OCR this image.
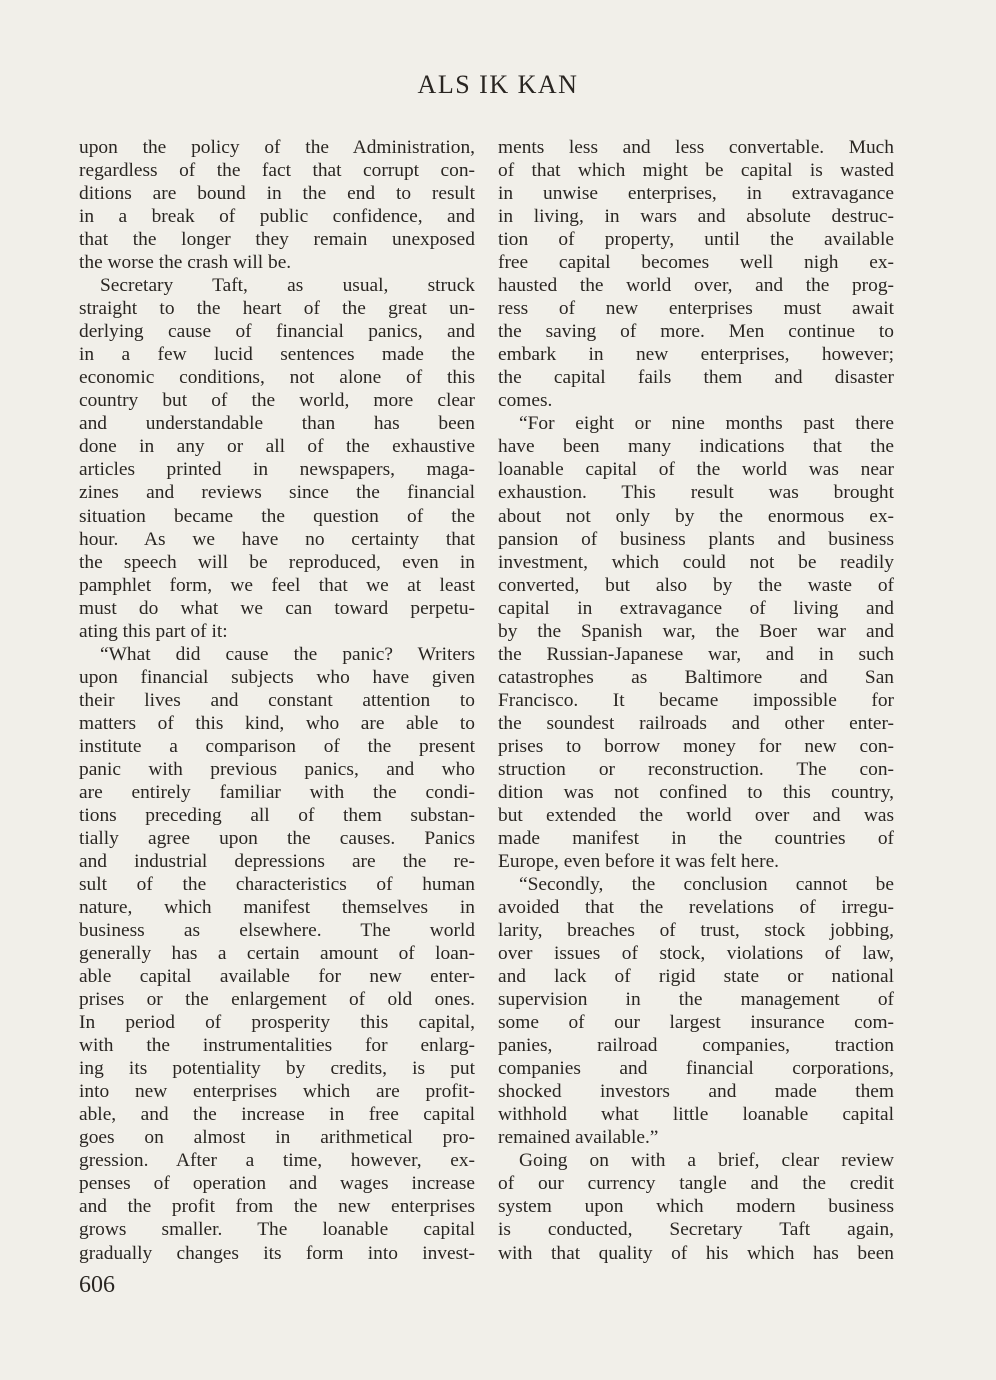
ALS IK KAN
upon the policy of the Administration,
regardless of the fact that corrupt con-
ditions are bound in the end to result
in a break of public confidence, and
that the longer they remain unexposed
the worse the crash will be.
Secretary Taft, as usual, struck
straight to the heart of the great un-
derlying cause of financial panics, and
in a few lucid sentences made the
economic conditions, not alone of this
country but of the world, more clear
and understandable than has been
done in any or all of the exhaustive
articles printed in newspapers, maga-
zines and reviews since the financial
situation became the question of the
hour. As we have no certainty that
the speech will be reproduced, even in
pamphlet form, we feel that we at least
must do what we can toward perpetu-
ating this part of it:
“What did cause the panic? Writers
upon financial subjects who have given
their lives and constant attention to
matters of this kind, who are able to
institute a comparison of the present
panic with previous panics, and who
are entirely familiar with the condi-
tions preceding all of them substan-
tially agree upon the causes. Panics
and industrial depressions are the re-
sult of the characteristics of human
nature, which manifest themselves in
business as elsewhere. The world
generally has a certain amount of loan-
able capital available for new enter-
prises or the enlargement of old ones.
In period of prosperity this capital,
with the instrumentalities for enlarg-
ing its potentiality by credits, is put
into new enterprises which are profit-
able, and the increase in free capital
goes on almost in arithmetical pro-
gression. After a time, however, ex-
penses of operation and wages increase
and the profit from the new enterprises
grows smaller. The loanable capital
gradually changes its form into invest-
ments less and less convertable. Much
of that which might be capital is wasted
in unwise enterprises, in extravagance
in living, in wars and absolute destruc-
tion of property, until the available
free capital becomes well nigh ex-
hausted the world over, and the prog-
ress of new enterprises must await
the saving of more. Men continue to
embark in new enterprises, however;
the capital fails them and disaster
comes.
“For eight or nine months past there
have been many indications that the
loanable capital of the world was near
exhaustion. This result was brought
about not only by the enormous ex-
pansion of business plants and business
investment, which could not be readily
converted, but also by the waste of
capital in extravagance of living and
by the Spanish war, the Boer war and
the Russian-Japanese war, and in such
catastrophes as Baltimore and San
Francisco. It became impossible for
the soundest railroads and other enter-
prises to borrow money for new con-
struction or reconstruction. The con-
dition was not confined to this country,
but extended the world over and was
made manifest in the countries of
Europe, even before it was felt here.
“Secondly, the conclusion cannot be
avoided that the revelations of irregu-
larity, breaches of trust, stock jobbing,
over issues of stock, violations of law,
and lack of rigid state or national
supervision in the management of
some of our largest insurance com-
panies, railroad companies, traction
companies and financial corporations,
shocked investors and made them
withhold what little loanable capital
remained available.”
Going on with a brief, clear review
of our currency tangle and the credit
system upon which modern business
is conducted, Secretary Taft again,
with that quality of his which has been
606
